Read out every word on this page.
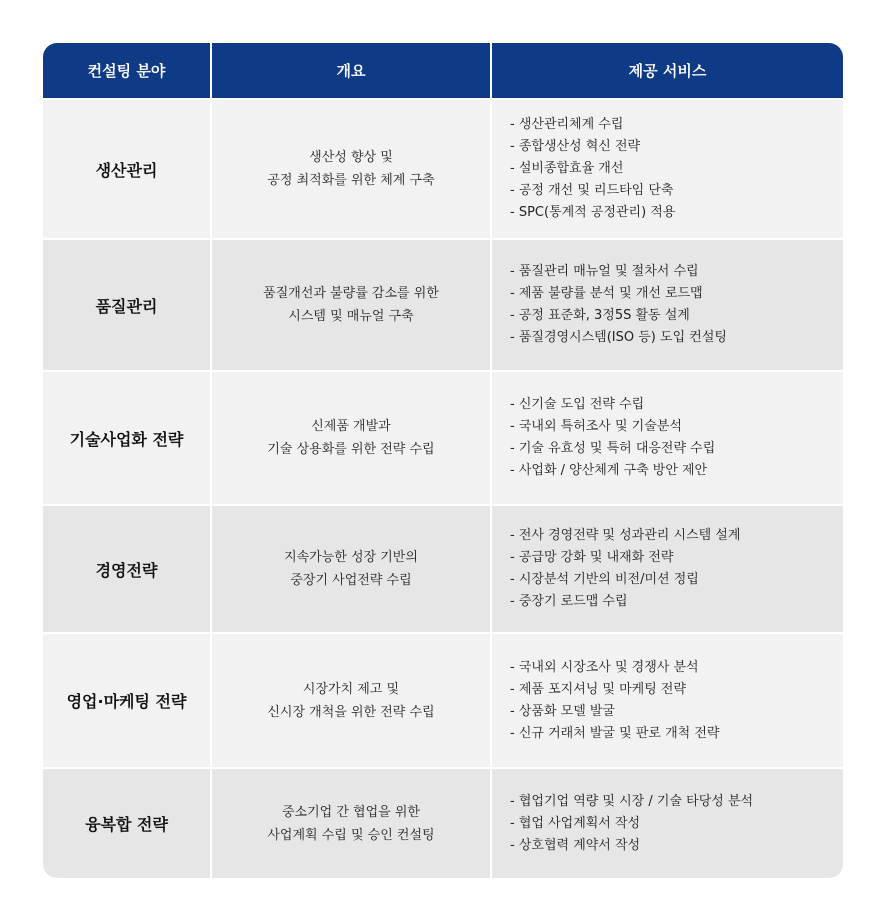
컨설팅 분야	개요	제공 서비스
생산관리
생산성 향상 및
공정 최적화를 위한 체계 구축
- 생산관리체계 수립
- 종합생산성 혁신 전략
- 설비종합효율 개선
- 공정 개선 및 리드타임 단축
- SPC(통계적 공정관리) 적용
품질관리
품질개선과 불량률 감소를 위한
시스템 및 매뉴얼 구축
- 품질관리 매뉴얼 및 절차서 수립
- 제품 불량률 분석 및 개선 로드맵
- 공정 표준화, 3정5S 활동 설계
- 품질경영시스템(ISO 등) 도입 컨설팅
기술사업화 전략
신제품 개발과
기술 상용화를 위한 전략 수립
- 신기술 도입 전략 수립
- 국내외 특허조사 및 기술분석
- 기술 유효성 및 특허 대응전략 수립
- 사업화 / 양산체계 구축 방안 제안
경영전략
지속가능한 성장 기반의
중장기 사업전략 수립
- 전사 경영전략 및 성과관리 시스템 설계
- 공급망 강화 및 내재화 전략
- 시장분석 기반의 비전/미션 정립
- 중장기 로드맵 수립
영업·마케팅 전략
시장가치 제고 및
신시장 개척을 위한 전략 수립
- 국내외 시장조사 및 경쟁사 분석
- 제품 포지셔닝 및 마케팅 전략
- 상품화 모델 발굴
- 신규 거래처 발굴 및 판로 개척 전략
융복합 전략
중소기업 간 협업을 위한
사업계획 수립 및 승인 컨설팅
- 협업기업 역량 및 시장 / 기술 타당성 분석
- 협업 사업계획서 작성
- 상호협력 계약서 작성
